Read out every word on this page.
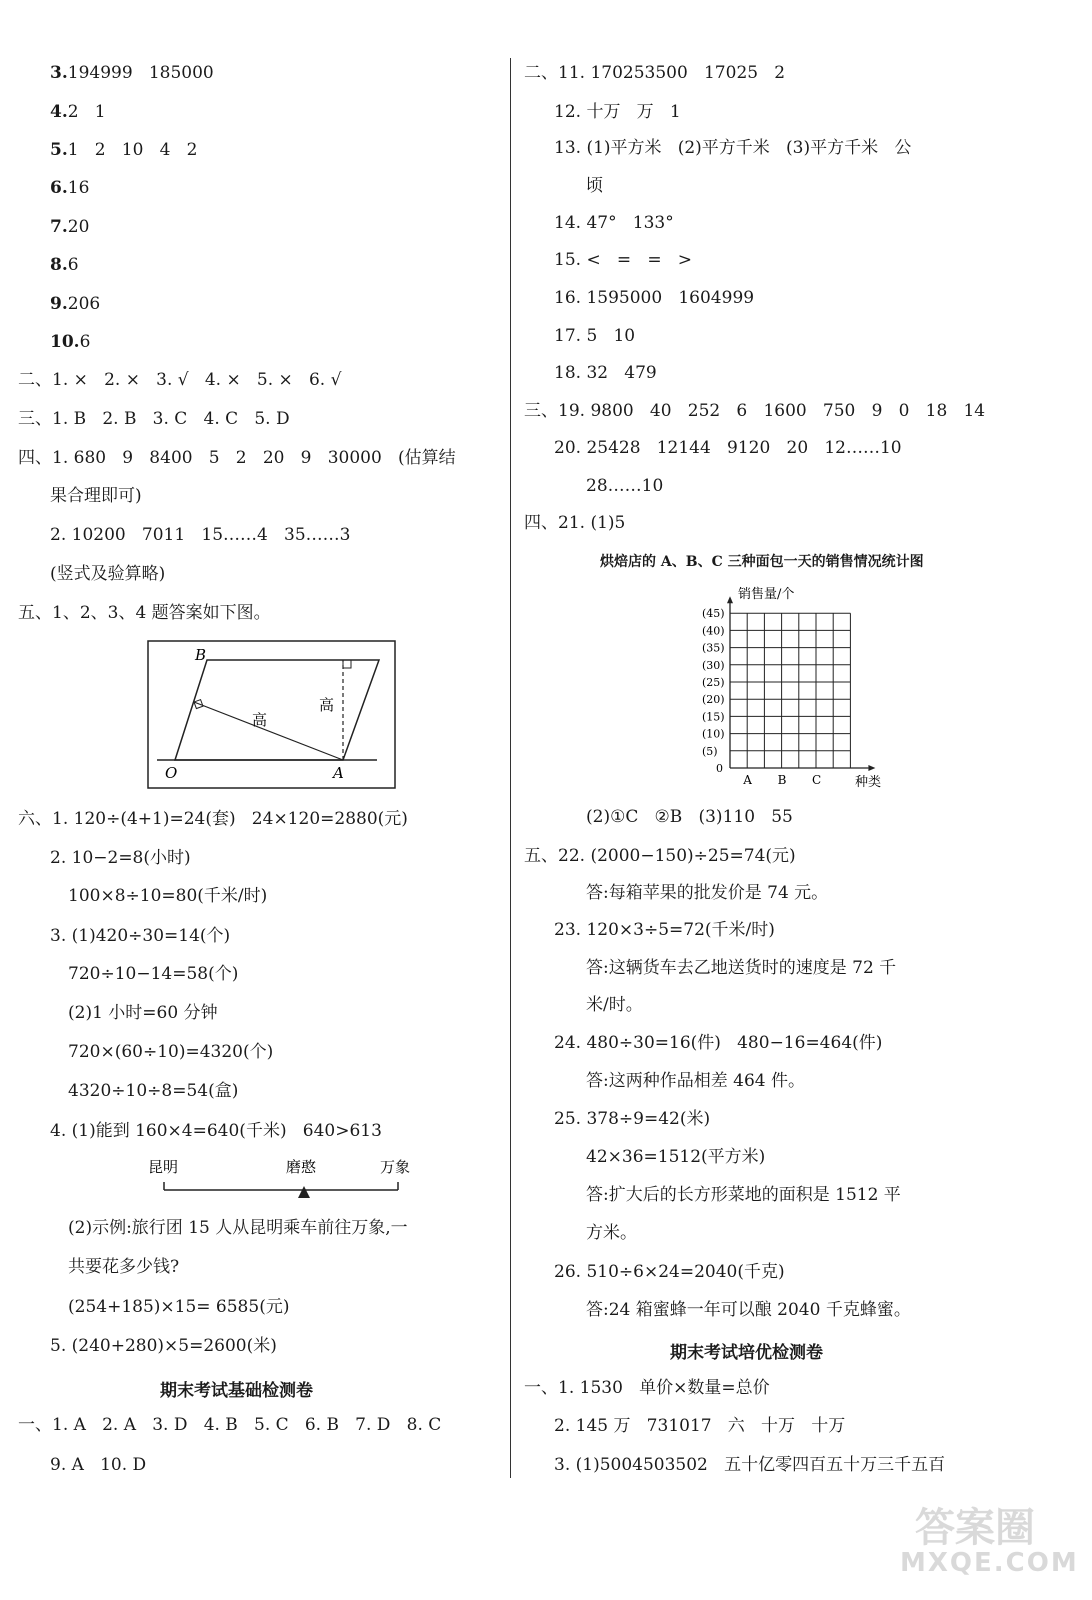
3.194999   185000
4.2   1
5.1   2   10   4   2
6.16
7.20
8.6
9.206
10.6
二、1. ×   2. ×   3. √   4. ×   5. ×   6. √
三、1. B   2. B   3. C   4. C   5. D
四、1. 680   9   8400   5   2   20   9   30000   (估算结
果合理即可)
2. 10200   7011   15……4   35……3
(竖式及验算略)
五、1、2、3、4 题答案如下图。
B
O	A
高
高
六、1. 120÷(4+1)=24(套)   24×120=2880(元)
2. 10−2=8(小时)
100×8÷10=80(千米/时)
3. (1)420÷30=14(个)
720÷10−14=58(个)
(2)1 小时=60 分钟
720×(60÷10)=4320(个)
4320÷10÷8=54(盒)
4. (1)能到 160×4=640(千米)   640>613
昆明	磨憨	万象
(2)示例:旅行团 15 人从昆明乘车前往万象,一
共要花多少钱?
(254+185)×15= 6585(元)
5. (240+280)×5=2600(米)
期末考试基础检测卷
一、1. A   2. A   3. D   4. B   5. C   6. B   7. D   8. C
9. A   10. D
二、11. 170253500   17025   2
12. 十万   万   1
13. (1)平方米   (2)平方千米   (3)平方千米   公
顷
14. 47°   133°
15. <   =   =   >
16. 1595000   1604999
17. 5   10
18. 32   479
三、19. 9800   40   252   6   1600   750   9   0   18   14
20. 25428   12144   9120   20   12……10
28……10
四、21. (1)5
烘焙店的 A、B、C 三种面包一天的销售情况统计图
销售量/个
种类
0
(5)
(10)
(15)
(20)
(25)
(30)
(35)
(40)
(45)
A B C
(2)①C   ②B   (3)110   55
五、22. (2000−150)÷25=74(元)
答:每箱苹果的批发价是 74 元。
23. 120×3÷5=72(千米/时)
答:这辆货车去乙地送货时的速度是 72 千
米/时。
24. 480÷30=16(件)   480−16=464(件)
答:这两种作品相差 464 件。
25. 378÷9=42(米)
42×36=1512(平方米)
答:扩大后的长方形菜地的面积是 1512 平
方米。
26. 510÷6×24=2040(千克)
答:24 箱蜜蜂一年可以酿 2040 千克蜂蜜。
期末考试培优检测卷
一、1. 1530   单价×数量=总价
2. 145 万   731017   六   十万   十万
3. (1)5004503502   五十亿零四百五十万三千五百
答案圈
MXQE.COM
